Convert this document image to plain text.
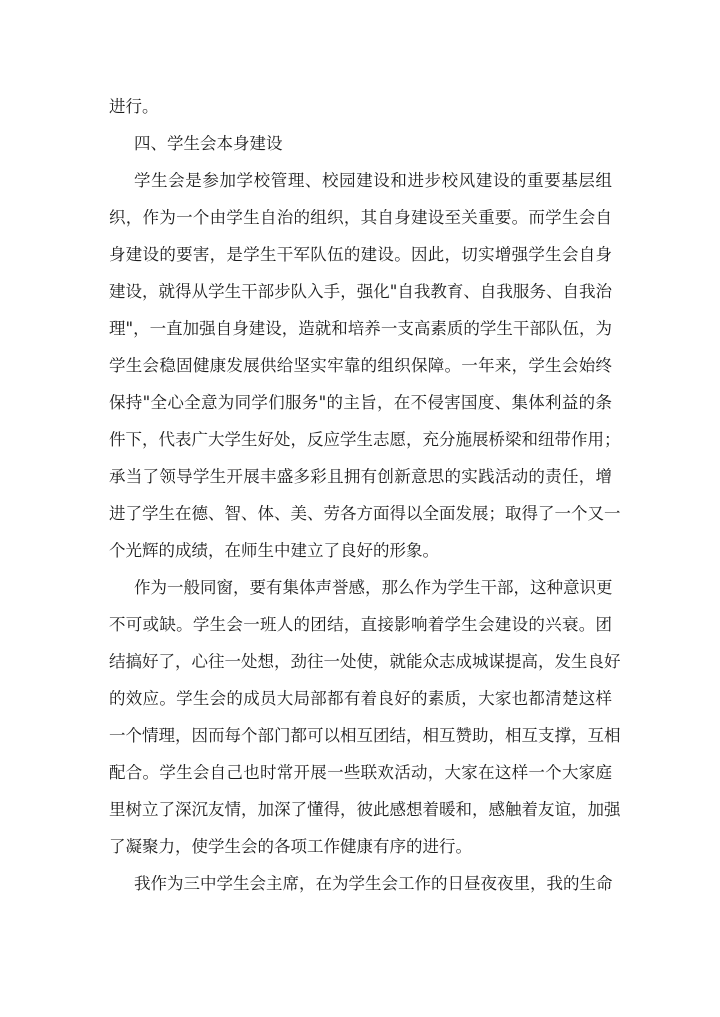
进行。
四、学生会本身建设
学生会是参加学校管理、校园建设和进步校风建设的重要基层组
织，作为一个由学生自治的组织，其自身建设至关重要。而学生会自
身建设的要害，是学生干军队伍的建设。因此，切实增强学生会自身
建设，就得从学生干部步队入手，强化"自我教育、自我服务、自我治
理"，一直加强自身建设，造就和培养一支高素质的学生干部队伍，为
学生会稳固健康发展供给坚实牢靠的组织保障。一年来，学生会始终
保持"全心全意为同学们服务"的主旨，在不侵害国度、集体利益的条
件下，代表广大学生好处，反应学生志愿，充分施展桥梁和纽带作用；
承当了领导学生开展丰盛多彩且拥有创新意思的实践活动的责任，增
进了学生在德、智、体、美、劳各方面得以全面发展；取得了一个又一
个光辉的成绩，在师生中建立了良好的形象。
作为一般同窗，要有集体声誉感，那么作为学生干部，这种意识更
不可或缺。学生会一班人的团结，直接影响着学生会建设的兴衰。团
结搞好了，心往一处想，劲往一处使，就能众志成城谋提高，发生良好
的效应。学生会的成员大局部都有着良好的素质，大家也都清楚这样
一个情理，因而每个部门都可以相互团结，相互赞助，相互支撑，互相
配合。学生会自己也时常开展一些联欢活动，大家在这样一个大家庭
里树立了深沉友情，加深了懂得，彼此感想着暖和，感触着友谊，加强
了凝聚力，使学生会的各项工作健康有序的进行。
我作为三中学生会主席，在为学生会工作的日昼夜夜里，我的生命
